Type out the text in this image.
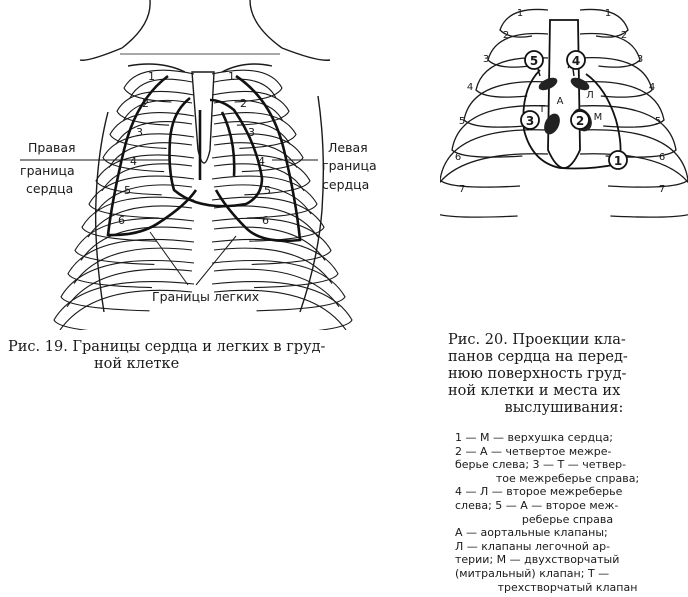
1
2
3
4
5
6
1
2
3
4
5
6
Правая
граница
сердца
Левая
граница
сердца
Границы легких
Рис. 19. Границы сердца и легких в груд-
ной клетке
1
2
3
4
5
А
Л
Т
М
1
2
3
4
5
6
7
1
2
3
4
5
6
7
Рис. 20. Проекции кла-
панов сердца на перед-
нюю поверхность груд-
ной клетки и места их
выслушивания:
1 — М — верхушка сердца;
2 — А — четвертое межре-
берье слева; 3 — Т — четвер-
тое межреберье справа;
4 — Л — второе межреберье
слева; 5 — А — второе меж-
реберье справа
А — аортальные клапаны;
Л — клапаны легочной ар-
терии; М — двухстворчатый
(митральный) клапан; Т —
трехстворчатый клапан
